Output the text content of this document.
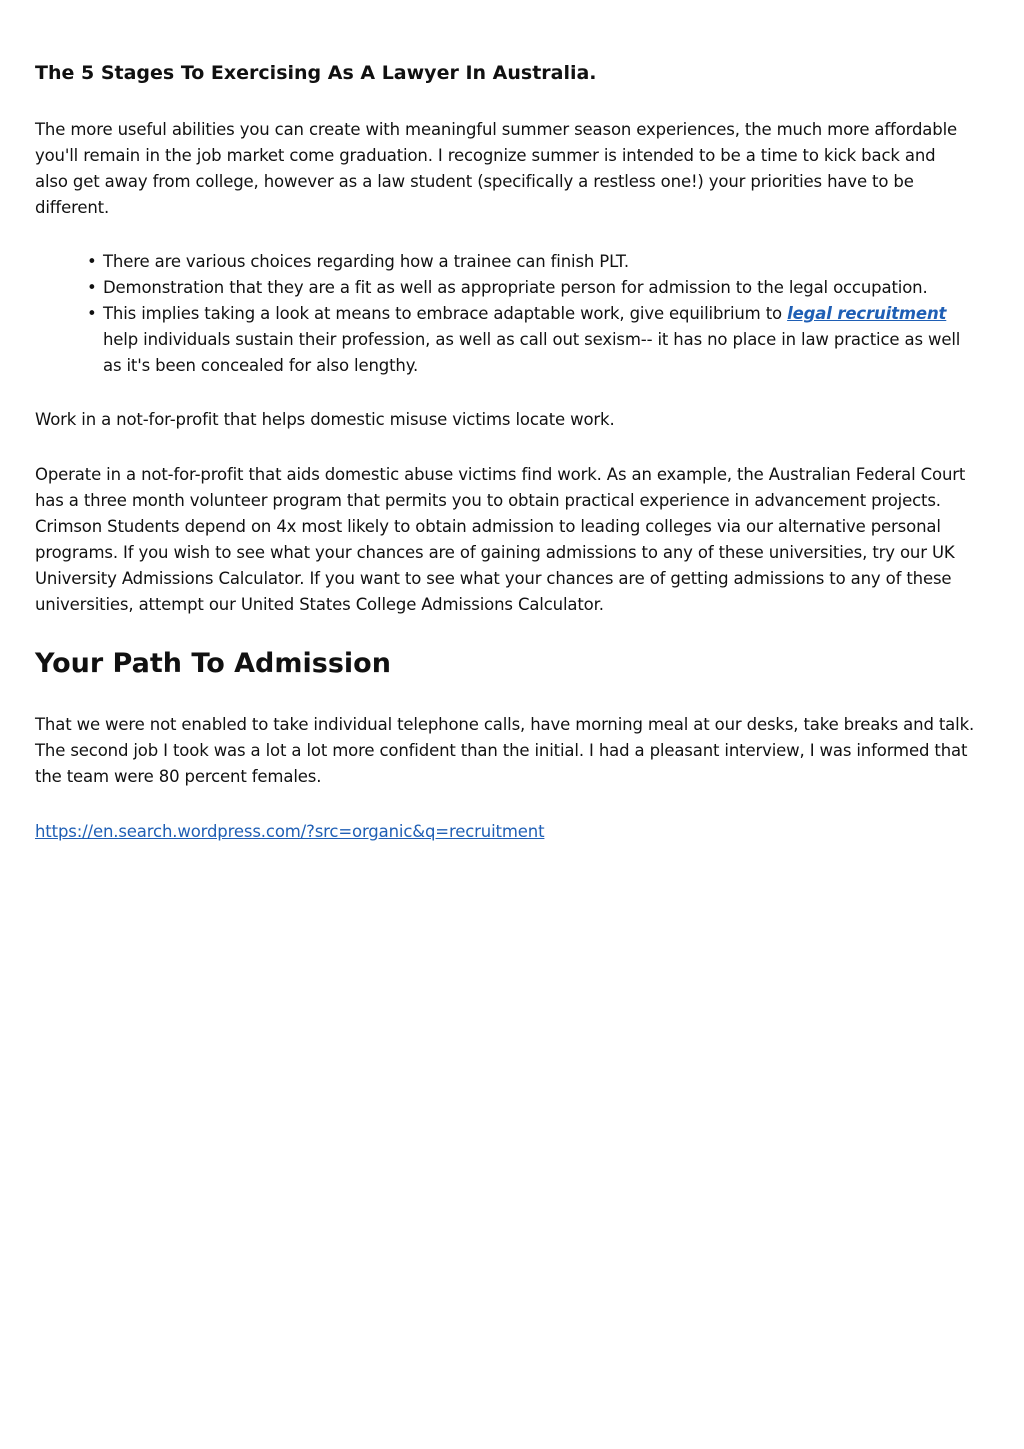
The 5 Stages To Exercising As A Lawyer In Australia.

The more useful abilities you can create with meaningful summer season experiences, the much more affordable
you'll remain in the job market come graduation. I recognize summer is intended to be a time to kick back and
also get away from college, however as a law student (specifically a restless one!) your priorities have to be
different.

• There are various choices regarding how a trainee can finish PLT.
• Demonstration that they are a fit as well as appropriate person for admission to the legal occupation.
• This implies taking a look at means to embrace adaptable work, give equilibrium to legal recruitment
help individuals sustain their profession, as well as call out sexism-- it has no place in law practice as well
as it's been concealed for also lengthy.

Work in a not-for-profit that helps domestic misuse victims locate work.

Operate in a not-for-profit that aids domestic abuse victims find work. As an example, the Australian Federal Court
has a three month volunteer program that permits you to obtain practical experience in advancement projects.
Crimson Students depend on 4x most likely to obtain admission to leading colleges via our alternative personal
programs. If you wish to see what your chances are of gaining admissions to any of these universities, try our UK
University Admissions Calculator. If you want to see what your chances are of getting admissions to any of these
universities, attempt our United States College Admissions Calculator.

Your Path To Admission

That we were not enabled to take individual telephone calls, have morning meal at our desks, take breaks and talk.
The second job I took was a lot a lot more confident than the initial. I had a pleasant interview, I was informed that
the team were 80 percent females.

https://en.search.wordpress.com/?src=organic&q=recruitment
